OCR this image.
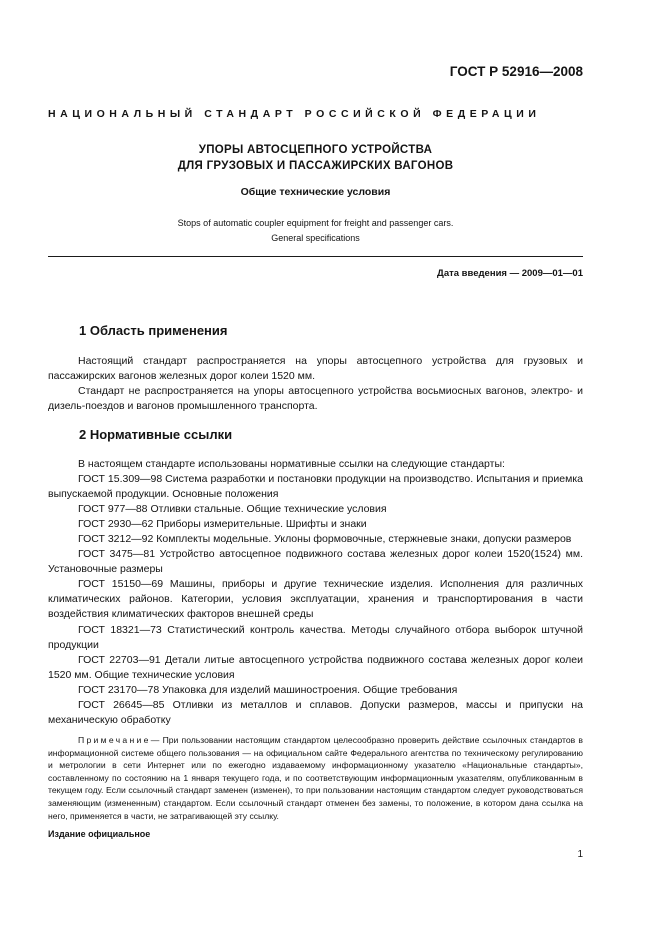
ГОСТ Р 52916—2008
НАЦИОНАЛЬНЫЙ СТАНДАРТ РОССИЙСКОЙ ФЕДЕРАЦИИ
УПОРЫ АВТОСЦЕПНОГО УСТРОЙСТВА
ДЛЯ ГРУЗОВЫХ И ПАССАЖИРСКИХ ВАГОНОВ
Общие технические условия
Stops of automatic coupler equipment for freight and passenger cars.
General specifications
Дата введения — 2009—01—01
1 Область применения
Настоящий стандарт распространяется на упоры автосцепного устройства для грузовых и пассажирских вагонов железных дорог колеи 1520 мм.
Стандарт не распространяется на упоры автосцепного устройства восьмиосных вагонов, электро- и дизель-поездов и вагонов промышленного транспорта.
2 Нормативные ссылки
В настоящем стандарте использованы нормативные ссылки на следующие стандарты:
ГОСТ 15.309—98 Система разработки и постановки продукции на производство. Испытания и приемка выпускаемой продукции. Основные положения
ГОСТ 977—88 Отливки стальные. Общие технические условия
ГОСТ 2930—62 Приборы измерительные. Шрифты и знаки
ГОСТ 3212—92 Комплекты модельные. Уклоны формовочные, стержневые знаки, допуски размеров
ГОСТ 3475—81 Устройство автосцепное подвижного состава железных дорог колеи 1520(1524) мм. Установочные размеры
ГОСТ 15150—69 Машины, приборы и другие технические изделия. Исполнения для различных климатических районов. Категории, условия эксплуатации, хранения и транспортирования в части воздействия климатических факторов внешней среды
ГОСТ 18321—73 Статистический контроль качества. Методы случайного отбора выборок штучной продукции
ГОСТ 22703—91 Детали литые автосцепного устройства подвижного состава железных дорог колеи 1520 мм. Общие технические условия
ГОСТ 23170—78 Упаковка для изделий машиностроения. Общие требования
Примечание— При пользовании настоящим стандартом целесообразно проверить действие ссылочных стандартов в информационной системе общего пользования — на официальном сайте Федерального агентства по техническому регулированию и метрологии в сети Интернет или по ежегодно издаваемому информационному указателю «Национальные стандарты», составленному по состоянию на 1 января текущего года, и по соответствующим информационным указателям, опубликованным в текущем году. Если ссылочный стандарт заменен (изменен), то при пользовании настоящим стандартом следует руководствоваться заменяющим (измененным) стандартом. Если ссылочный стандарт отменен без замены, то положение, в котором дана ссылка на него, применяется в части, не затрагивающей эту ссылку.
Издание официальное
1
ГОСТ 26645—85 Отливки из металлов и сплавов. Допуски размеров, массы и припуски на механическую обработку
